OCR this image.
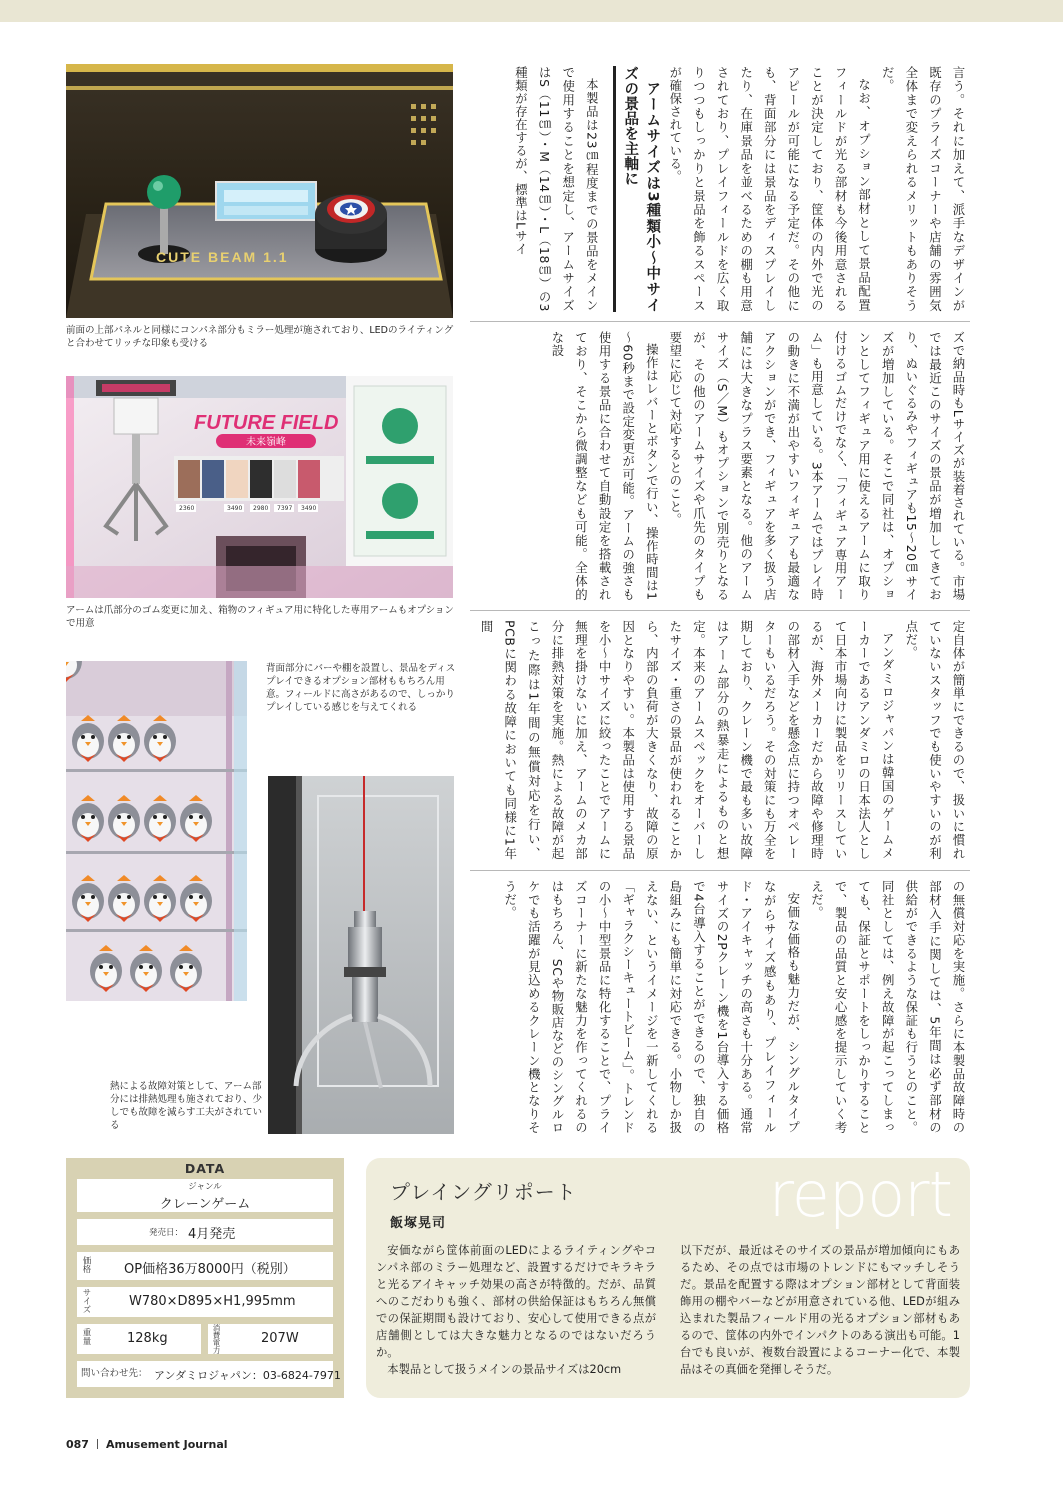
CUTE BEAM 1.1
前面の上部パネルと同様にコンパネ部分もミラー処理が施されており、LEDのライティングと合わせてリッチな印象も受ける
FUTURE FIELD
未来嶺峰
2360	3490 2980 7397 3490
アームは爪部分のゴム変更に加え、箱物のフィギュア用に特化した専用アームもオプションで用意
背面部分にバーや棚を設置し、景品をディスプレイできるオプション部材ももちろん用意。フィールドに高さがあるので、しっかりプレイしている感じを与えてくれる
熱による故障対策として、アーム部分には排熱処理も施されており、少しでも故障を減らす工夫がされている

言う。それに加えて、派手なデザインが既存のプライズコーナーや店舗の雰囲気全体まで変えられるメリットもありそうだ。

なお、オプション部材として景品配置フィールドが光る部材も今後用意されることが決定しており、筐体の内外で光のアピールが可能になる予定だ。その他にも、背面部分には景品をディスプレイしたり、在庫景品を並べるための棚も用意されており、プレイフィールドを広く取りつつもしっかりと景品を飾るスペースが確保されている。

アームサイズは3種類小～中サイズの景品を主軸に

本製品は23㎝程度までの景品をメインで使用することを想定し、アームサイズはS（11㎝）・M（14㎝）・L（18㎝）の3種類が存在するが、標準はLサイ

ズで納品時もLサイズが装着されている。市場では最近このサイズの景品が増加してきており、ぬいぐるみやフィギュアも15～20㎝サイズが増加している。そこで同社は、オプションとしてフィギュア用に使えるアームに取り付けるゴムだけでなく、「フィギュア専用アーム」も用意している。3本アームではプレイ時の動きに不満が出やすいフィギュアも最適なアクションができ、フィギュアを多く扱う店舗には大きなプラス要素となる。他のアームサイズ（S／M）もオプションで別売りとなるが、その他のアームサイズや爪先のタイプも要望に応じて対応するとのこと。

操作はレバーとボタンで行い、操作時間は1～60秒まで設定変更が可能。アームの強さも使用する景品に合わせて自動設定を搭載されており、そこから微調整なども可能。全体的な設

定自体が簡単にできるので、扱いに慣れていないスタッフでも使いやすいのが利点だ。

アンダミロジャパンは韓国のゲームメーカーであるアンダミロの日本法人として日本市場向けに製品をリリースしているが、海外メーカーだから故障や修理時の部材入手などを懸念点に持つオペレーターもいるだろう。その対策にも万全を期しており、クレーン機で最も多い故障はアーム部分の熱暴走によるものと想定。本来のアームスペックをオーバーしたサイズ・重さの景品が使われることから、内部の負荷が大きくなり、故障の原因となりやすい。本製品は使用する景品を小～中サイズに絞ったことでアームに無理を掛けないに加え、アームのメカ部分に排熱対策を実施。熱による故障が起こった際は1年間の無償対応を行い、PCBに関わる故障においても同様に1年間

の無償対応を実施。さらに本製品故障時の部材入手に関しては、5年間は必ず部材の供給ができるような保証も行うとのこと。同社としては、例え故障が起こってしまっても、保証とサポートをしっかりすることで、製品の品質と安心感を提示していく考えだ。

安価な価格も魅力だが、シングルタイプながらサイズ感もあり、プレイフィールド・アイキャッチの高さも十分ある。通常サイズの2Pクレーン機を1台導入する価格で4台導入することができるので、独自の島組みにも簡単に対応できる。小物しか扱えない、というイメージを一新してくれる「ギャラクシーキュートビーム」。トレンドの小～中型景品に特化することで、プライズコーナーに新たな魅力を作ってくれるのはもちろん、SCや物販店などのシングルロケでも活躍が見込めるクレーン機となりそうだ。

DATA
ジャンル
クレーンゲーム
発売日： 4月発売
価格	OP価格36万8000円（税別）
サイズ	W780×D895×H1,995mm
重量	128kg	消費電力	207W
問い合わせ先： アンダミロジャパン：03-6824-7971
report
プレイングリポート
飯塚晃司

安価ながら筐体前面のLEDによるライティングやコンパネ部のミラー処理など、設置するだけでキラキラと光るアイキャッチ効果の高さが特徴的。だが、品質へのこだわりも強く、部材の供給保証はもちろん無償での保証期間も設けており、安心して使用できる点が店舗側としては大きな魅力となるのではないだろうか。

本製品として扱うメインの景品サイズは20cm

以下だが、最近はそのサイズの景品が増加傾向にもあるため、その点では市場のトレンドにもマッチしそうだ。景品を配置する際はオプション部材として背面装飾用の棚やバーなどが用意されている他、LEDが組み込まれた製品フィールド用の光るオプション部材もあるので、筐体の内外でインパクトのある演出も可能。1台でも良いが、複数台設置によるコーナー化で、本製品はその真価を発揮しそうだ。

087 Amusement Journal
